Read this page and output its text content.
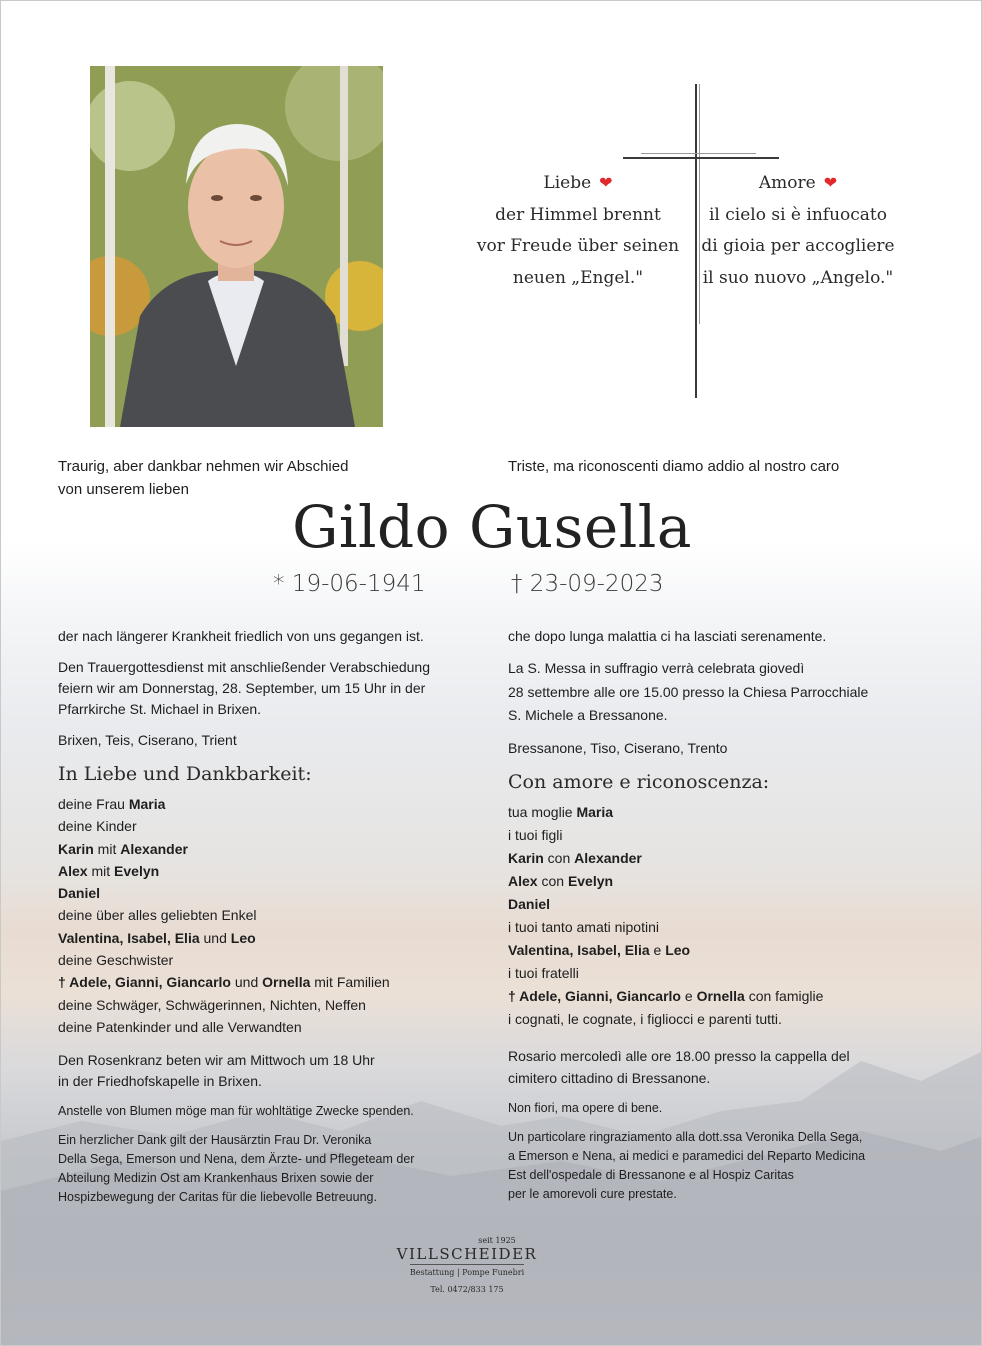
Liebe ❤
der Himmel brennt
vor Freude über seinen
neuen „Engel."
Amore ❤
il cielo si è infuocato
di gioia per accogliere
il suo nuovo „Angelo."
Traurig, aber dankbar nehmen wir Abschied
von unserem lieben
Triste, ma riconoscenti diamo addio al nostro caro
Gildo Gusella
* 19-06-1941	† 23-09-2023

der nach längerer Krankheit friedlich von uns gegangen ist.

Den Trauergottesdienst mit anschließender Verabschiedung
feiern wir am Donnerstag, 28. September, um 15 Uhr in der
Pfarrkirche St. Michael in Brixen.

Brixen, Teis, Ciserano, Trient

In Liebe und Dankbarkeit:
deine Frau Maria
deine Kinder
Karin mit Alexander
Alex mit Evelyn
Daniel
deine über alles geliebten Enkel
Valentina, Isabel, Elia und Leo
deine Geschwister
† Adele, Gianni, Giancarlo und Ornella mit Familien
deine Schwäger, Schwägerinnen, Nichten, Neffen
deine Patenkinder und alle Verwandten

Den Rosenkranz beten wir am Mittwoch um 18 Uhr
in der Friedhofskapelle in Brixen.

Anstelle von Blumen möge man für wohltätige Zwecke spenden.

Ein herzlicher Dank gilt der Hausärztin Frau Dr. Veronika
Della Sega, Emerson und Nena, dem Ärzte- und Pflegeteam der
Abteilung Medizin Ost am Krankenhaus Brixen sowie der
Hospizbewegung der Caritas für die liebevolle Betreuung.

che dopo lunga malattia ci ha lasciati serenamente.

La S. Messa in suffragio verrà celebrata giovedì
28 settembre alle ore 15.00 presso la Chiesa Parrocchiale
S. Michele a Bressanone.

Bressanone, Tiso, Ciserano, Trento

Con amore e riconoscenza:
tua moglie Maria
i tuoi figli
Karin con Alexander
Alex con Evelyn
Daniel
i tuoi tanto amati nipotini
Valentina, Isabel, Elia e Leo
i tuoi fratelli
† Adele, Gianni, Giancarlo e Ornella con famiglie
i cognati, le cognate, i figliocci e parenti tutti.

Rosario mercoledì alle ore 18.00 presso la cappella del
cimitero cittadino di Bressanone.

Non fiori, ma opere di bene.

Un particolare ringraziamento alla dott.ssa Veronika Della Sega,
a Emerson e Nena, ai medici e paramedici del Reparto Medicina
Est dell'ospedale di Bressanone e al Hospiz Caritas
per le amorevoli cure prestate.

seit 1925
VILLSCHEIDER
Bestattung | Pompe Funebri
Tel. 0472/833 175
